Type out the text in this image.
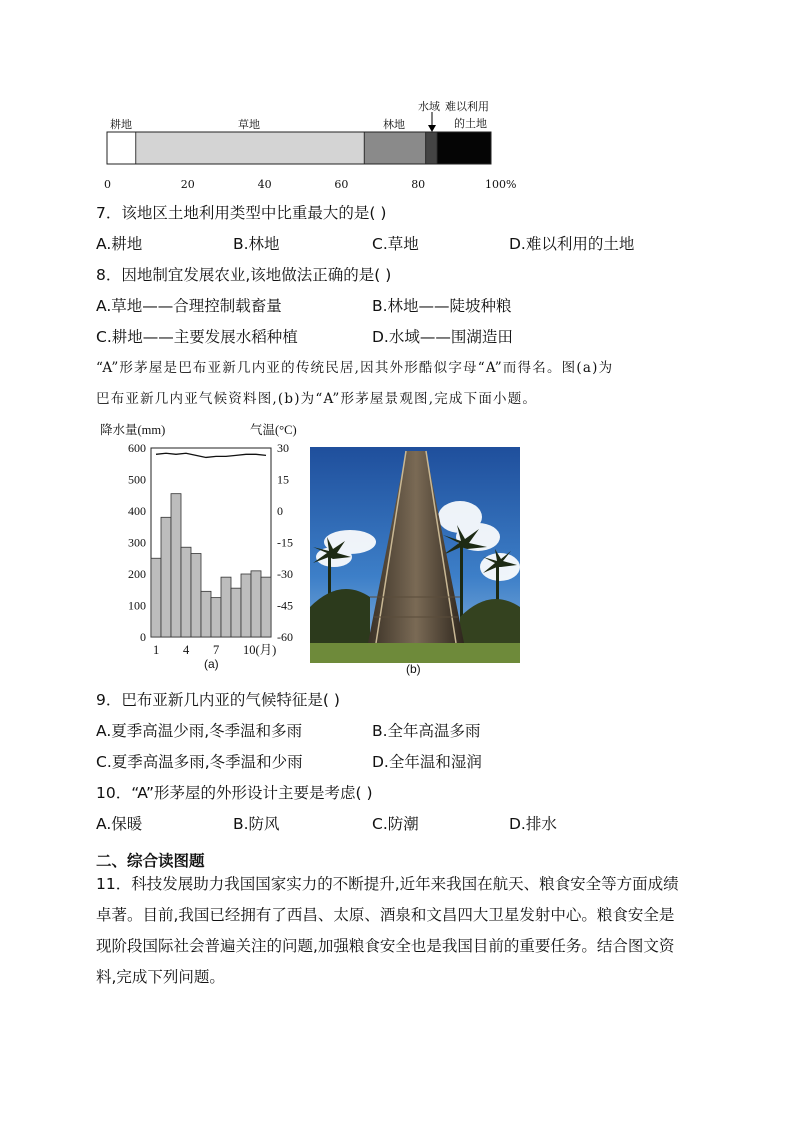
耕地	草地	林地
水域 难以利用
的土地
0	20	40	60	80	100%
7．该地区土地利用类型中比重最大的是( )
A.耕地	B.林地	C.草地	D.难以利用的土地
8．因地制宜发展农业,该地做法正确的是( )
A.草地——合理控制载畜量	B.林地——陡坡种粮
C.耕地——主要发展水稻种植	D.水域——围湖造田
“A”形茅屋是巴布亚新几内亚的传统民居,因其外形酷似字母“A”而得名。图(a)为
巴布亚新几内亚气候资料图,(b)为“A”形茅屋景观图,完成下面小题。
降水量(mm)	气温(°C)
600
500
400
300
200
100
0
30
15
0
-15
-30
-45
-60
1 4 7 10(月)
(a)	(b)
9．巴布亚新几内亚的气候特征是( )
A.夏季高温少雨,冬季温和多雨	B.全年高温多雨
C.夏季高温多雨,冬季温和少雨	D.全年温和湿润
10．“A”形茅屋的外形设计主要是考虑( )
A.保暖	B.防风	C.防潮	D.排水
二、综合读图题
11．科技发展助力我国国家实力的不断提升,近年来我国在航天、粮食安全等方面成绩
卓著。目前,我国已经拥有了西昌、太原、酒泉和文昌四大卫星发射中心。粮食安全是
现阶段国际社会普遍关注的问题,加强粮食安全也是我国目前的重要任务。结合图文资
料,完成下列问题。
